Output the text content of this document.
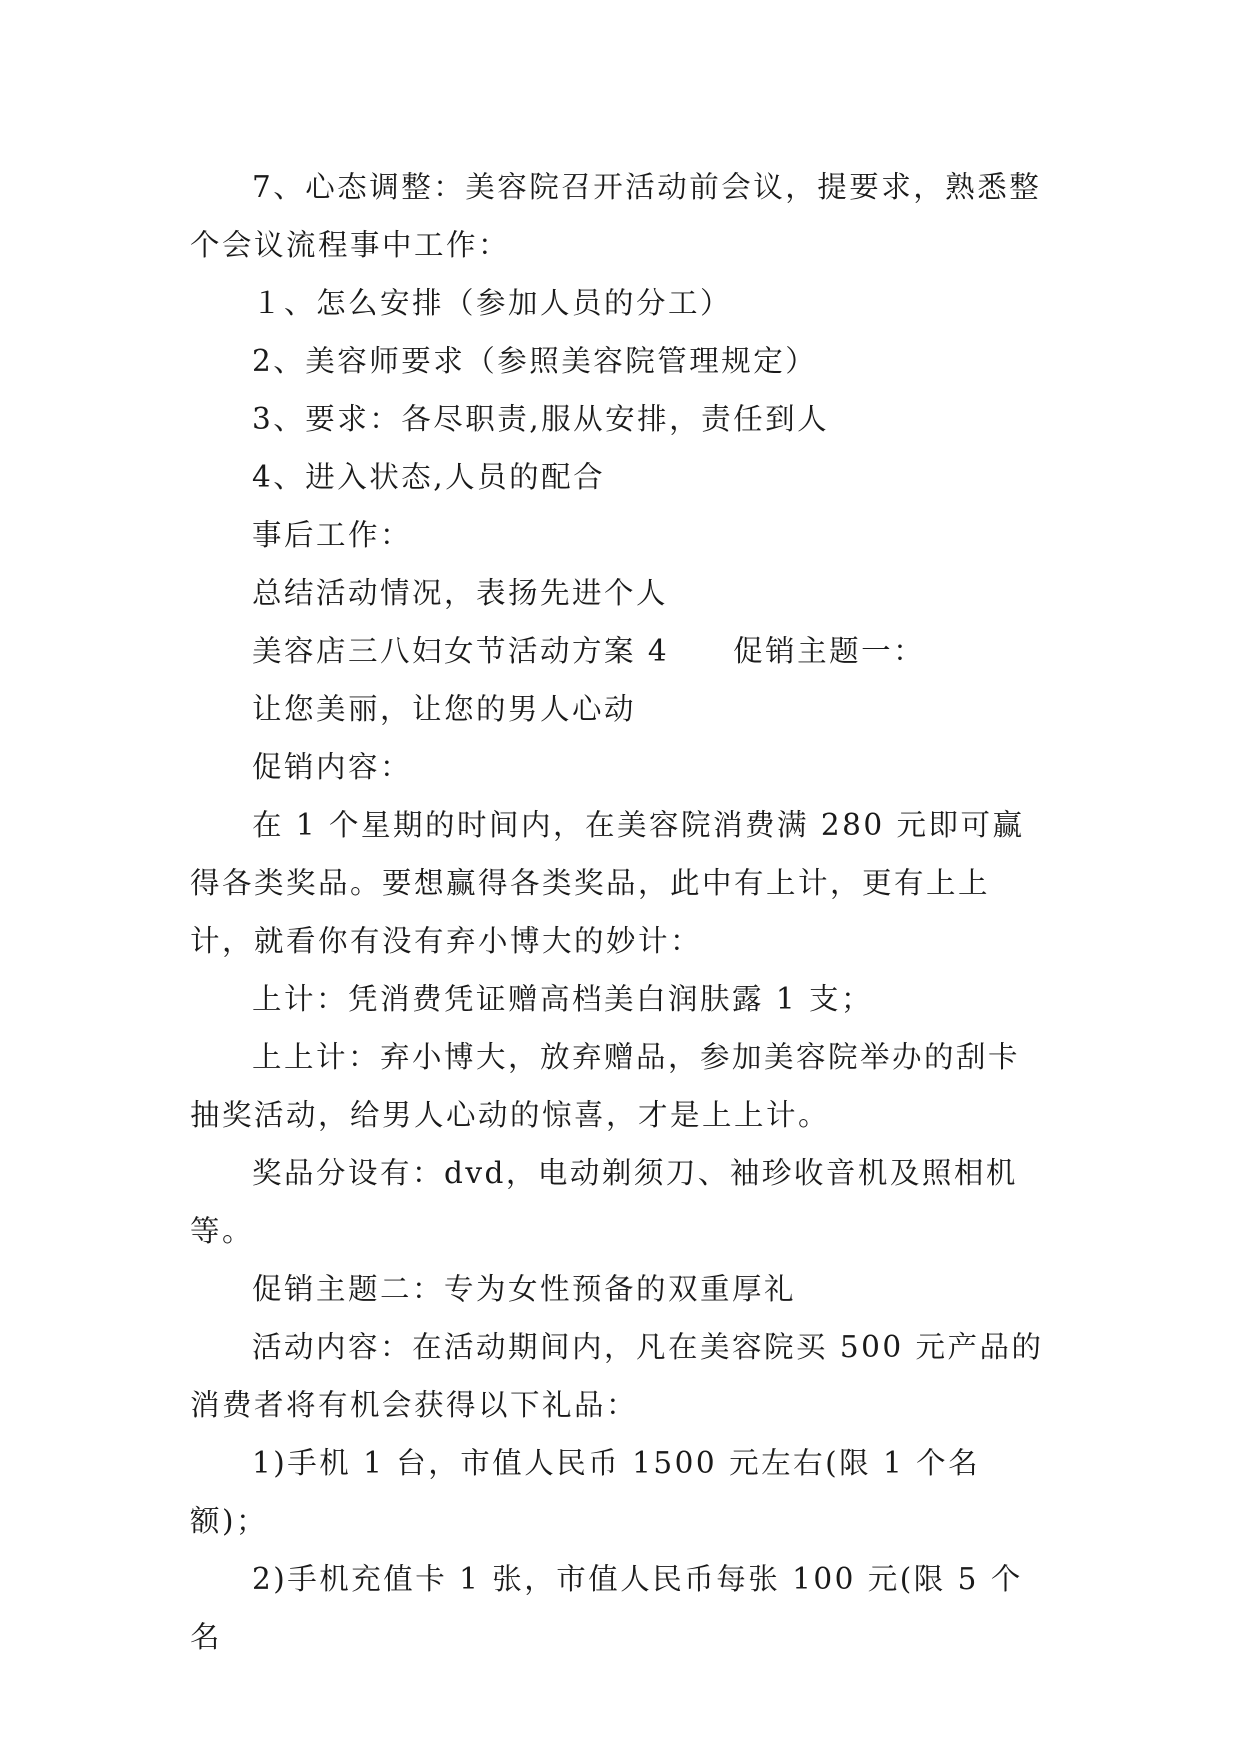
7、心态调整：美容院召开活动前会议，提要求，熟悉整个会议流程事中工作：

１、怎么安排（参加人员的分工）

2、美容师要求（参照美容院管理规定）

3、要求：各尽职责,服从安排，责任到人

4、进入状态,人员的配合

事后工作：

总结活动情况，表扬先进个人

美容店三八妇女节活动方案 4　　促销主题一：

让您美丽，让您的男人心动

促销内容：

在 1 个星期的时间内，在美容院消费满 280 元即可赢得各类奖品。要想赢得各类奖品，此中有上计，更有上上计，就看你有没有弃小博大的妙计：

上计：凭消费凭证赠高档美白润肤露 1 支；

上上计：弃小博大，放弃赠品，参加美容院举办的刮卡抽奖活动，给男人心动的惊喜，才是上上计。

奖品分设有：dvd，电动剃须刀、袖珍收音机及照相机等。

促销主题二：专为女性预备的双重厚礼

活动内容：在活动期间内，凡在美容院买 500 元产品的消费者将有机会获得以下礼品：

1)手机 1 台，市值人民币 1500 元左右(限 1 个名额)；

2)手机充值卡 1 张，市值人民币每张 100 元(限 5 个名
